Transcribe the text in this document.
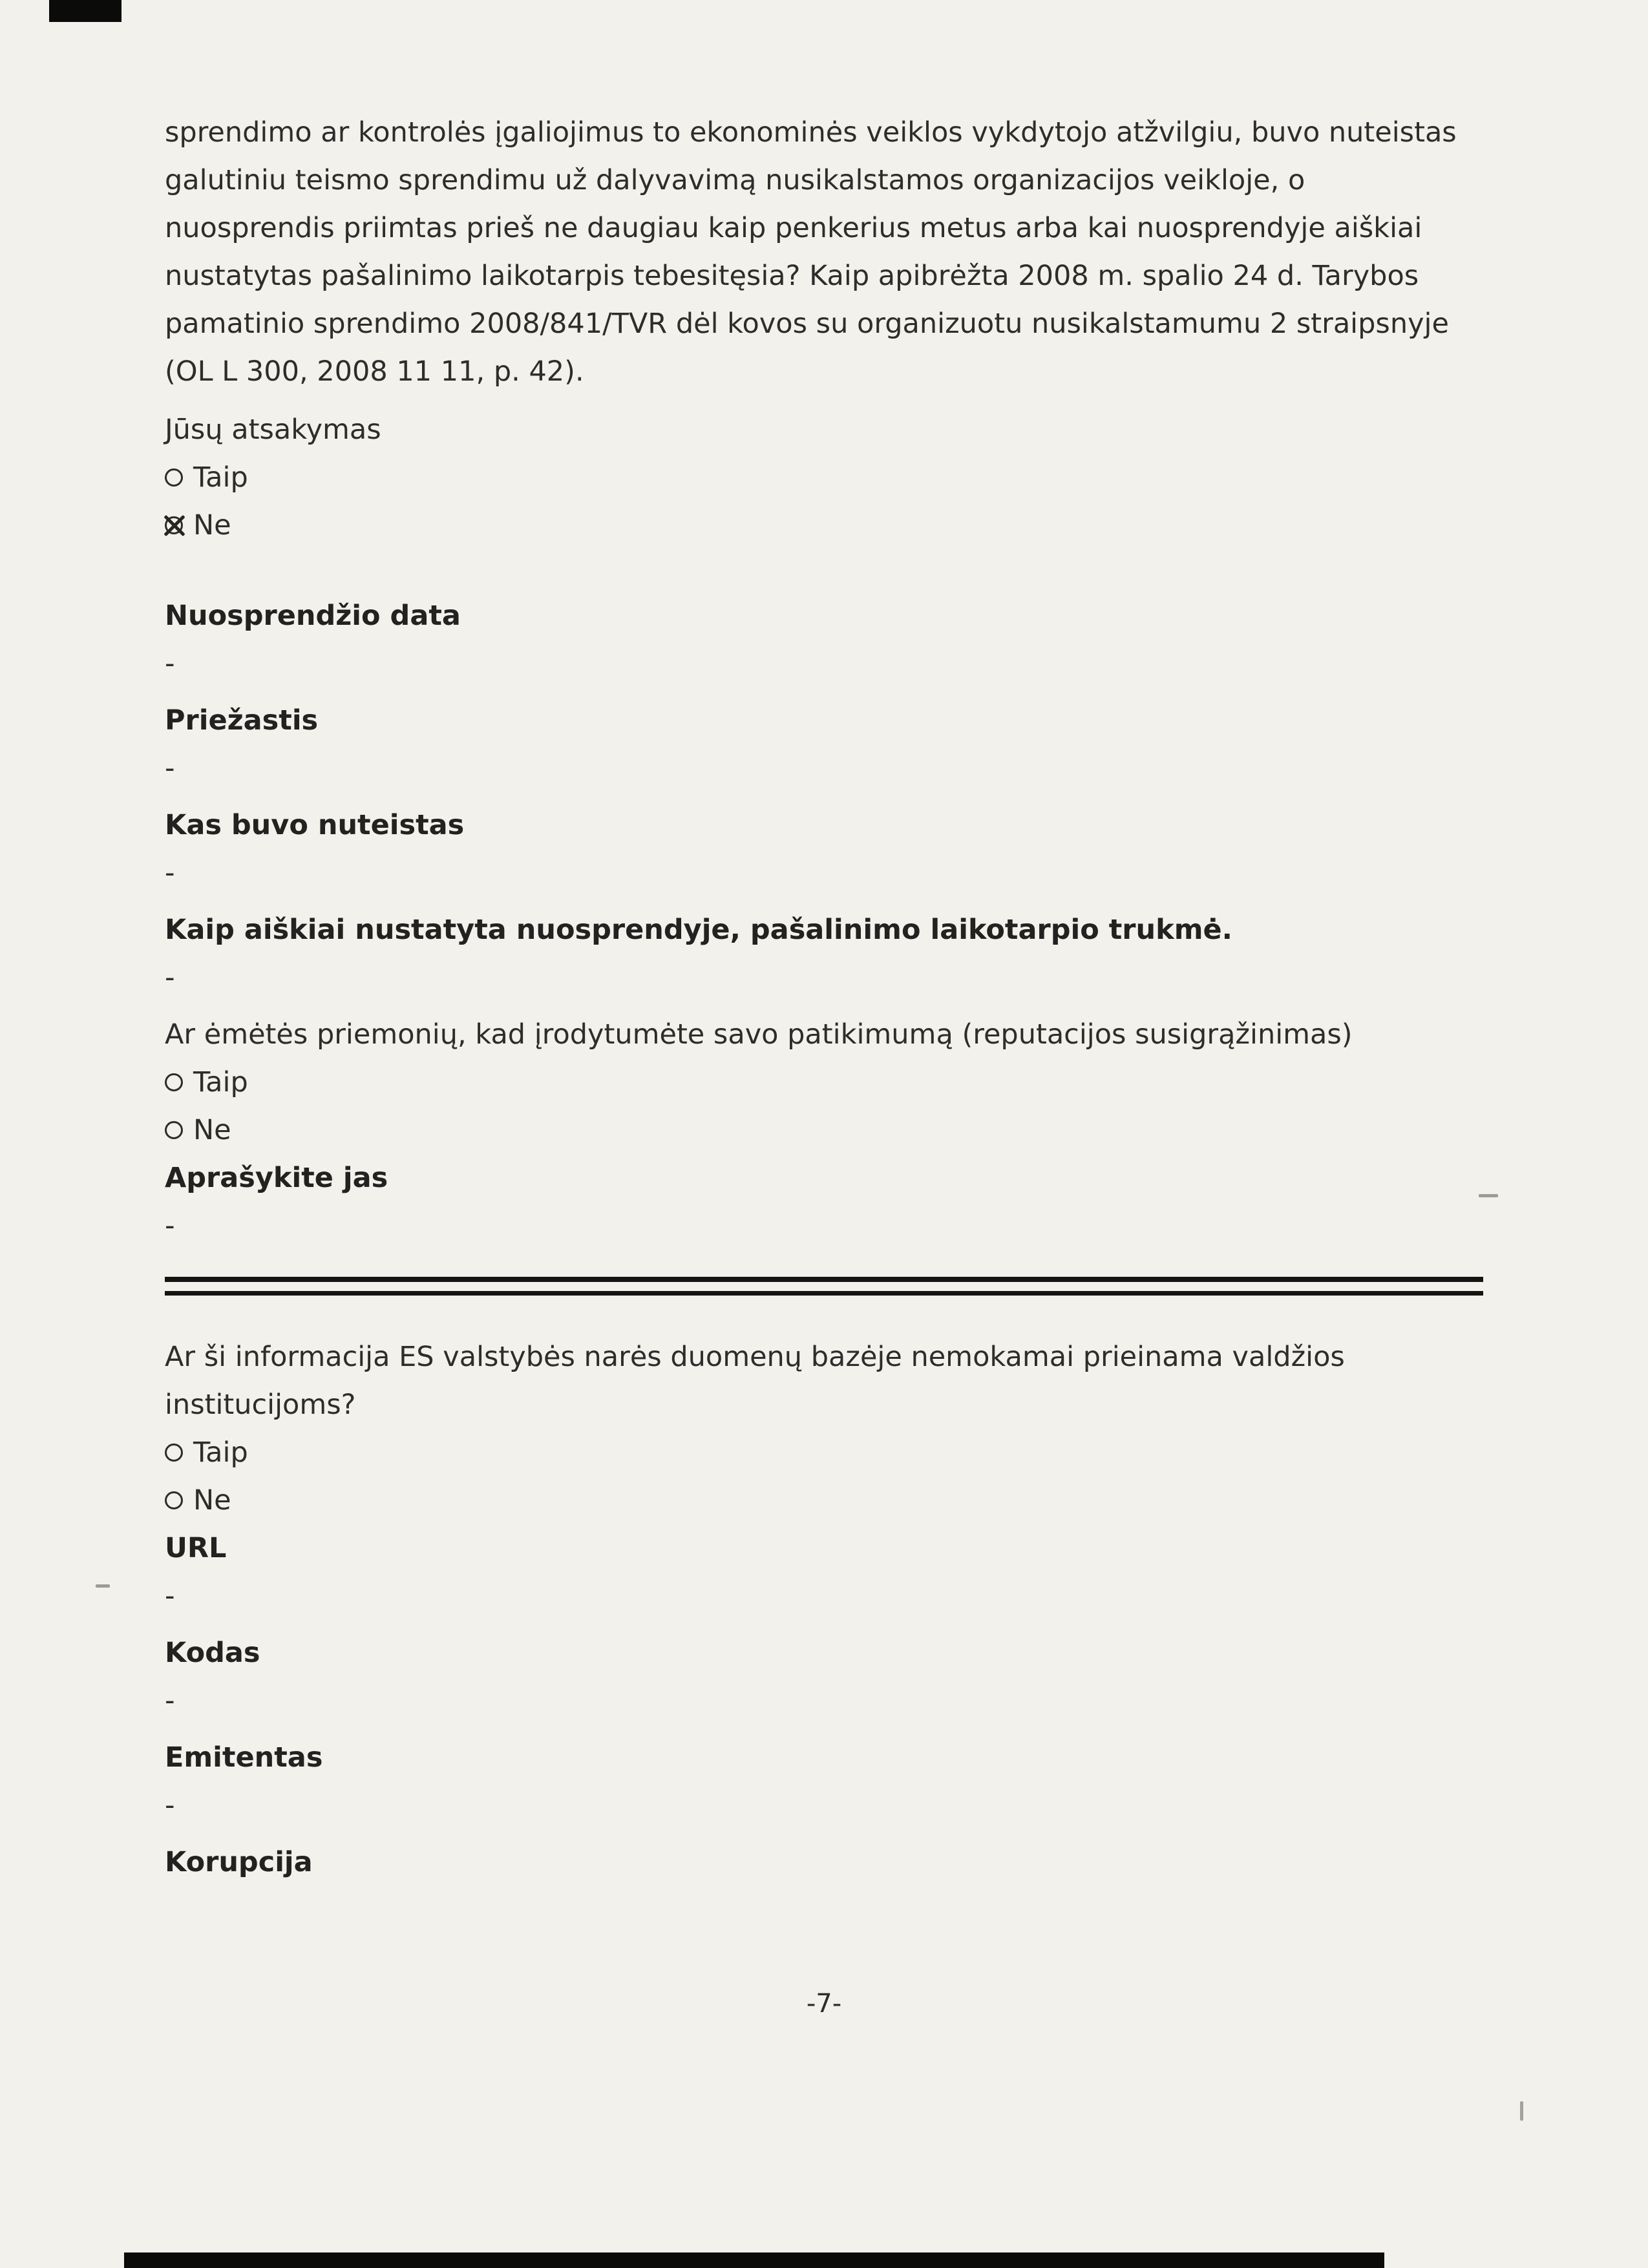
sprendimo ar kontrolės įgaliojimus to ekonominės veiklos vykdytojo atžvilgiu, buvo nuteistas galutiniu teismo sprendimu už dalyvavimą nusikalstamos organizacijos veikloje, o nuosprendis priimtas prieš ne daugiau kaip penkerius metus arba kai nuosprendyje aiškiai nustatytas pašalinimo laikotarpis tebesitęsia? Kaip apibrėžta 2008 m. spalio 24 d. Tarybos pamatinio sprendimo 2008/841/TVR dėl kovos su organizuotu nusikalstamumu 2 straipsnyje (OL L 300, 2008 11 11, p. 42).

Jūsų atsakymas
Taip
Ne
Nuosprendžio data
-
Priežastis
-
Kas buvo nuteistas
-
Kaip aiškiai nustatyta nuosprendyje, pašalinimo laikotarpio trukmė.
-

Ar ėmėtės priemonių, kad įrodytumėte savo patikimumą (reputacijos susigrąžinimas)

Taip
Ne
Aprašykite jas
-

Ar ši informacija ES valstybės narės duomenų bazėje nemokamai prieinama valdžios institucijoms?

Taip
Ne
URL
-
Kodas
-
Emitentas
-

Korupcija

-7-
